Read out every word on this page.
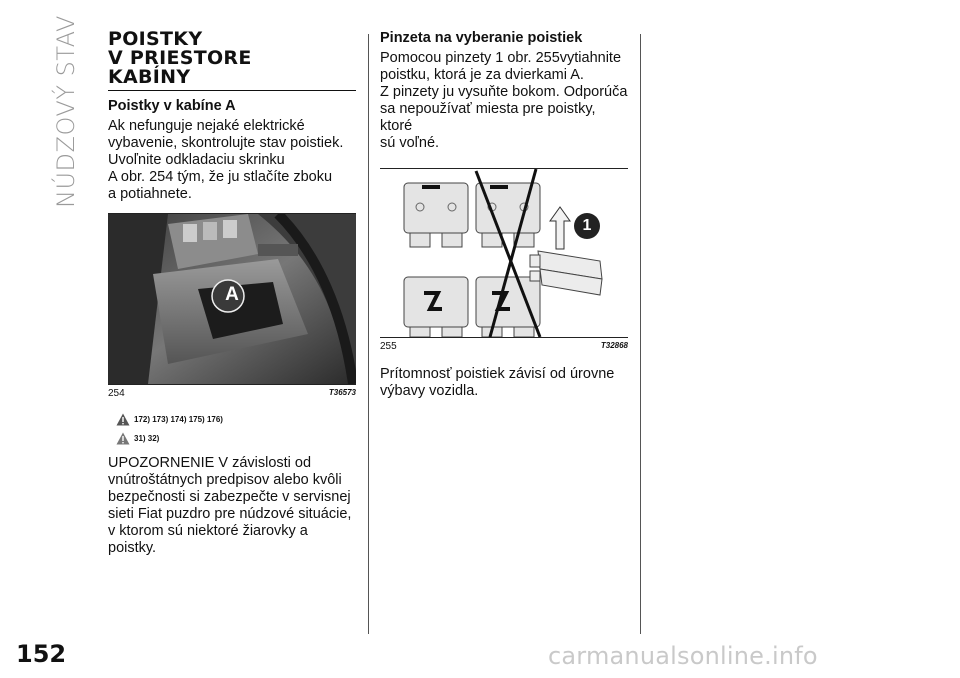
NÚDZOVÝ STAV POISTKY
V PRIESTORE
KABÍNY
Poistky v kabíne A

Ak nefunguje nejaké elektrické
vybavenie, skontrolujte stav poistiek.
Uvoľnite odkladaciu skrinku
A obr. 254 tým, že ju stlačíte zboku
a potiahnete.

A
254	T36573
172) 173) 174) 175) 176)
31) 32)

UPOZORNENIE V závislosti od
vnútroštátnych predpisov alebo kvôli
bezpečnosti si zabezpečte v servisnej
sieti Fiat puzdro pre núdzové situácie,
v ktorom sú niektoré žiarovky a poistky.

Pinzeta na vyberanie poistiek

Pomocou pinzety 1 obr. 255vytiahnite
poistku, ktorá je za dvierkami A.
Z pinzety ju vysuňte bokom. Odporúča
sa nepoužívať miesta pre poistky, ktoré
sú voľné.

1
255	T32868

Prítomnosť poistiek závisí od úrovne
výbavy vozidla.

152	carmanualsonline.info
